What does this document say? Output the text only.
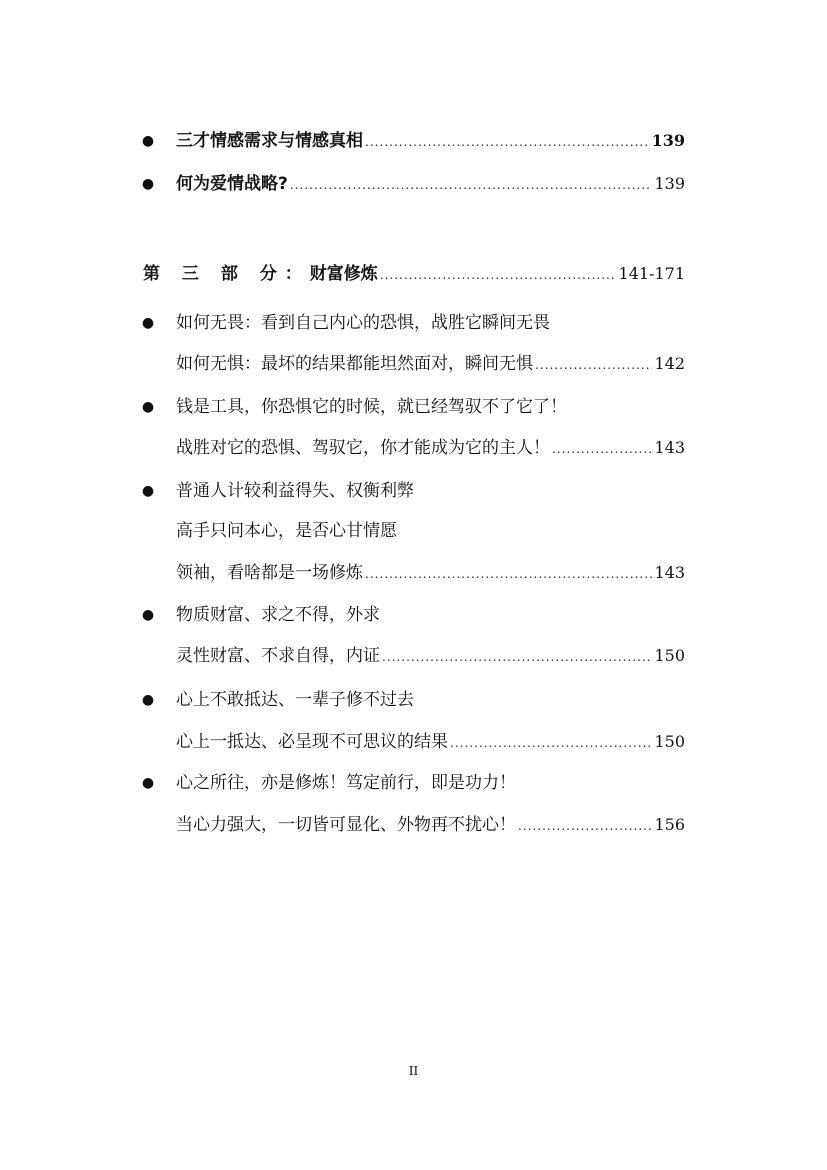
● 三才情感需求与情感真相 .....	139
● 何为爱情战略? .....	139
第 三 部 分： 财富修炼 .....	141-171
● 如何无畏：看到自己内心的恐惧，战胜它瞬间无畏
如何无惧：最坏的结果都能坦然面对，瞬间无惧 .....	142
● 钱是工具，你恐惧它的时候，就已经驾驭不了它了！
战胜对它的恐惧、驾驭它，你才能成为它的主人！ .....	143
● 普通人计较利益得失、权衡利弊
高手只问本心，是否心甘情愿
领袖，看啥都是一场修炼 .....	143
● 物质财富、求之不得，外求
灵性财富、不求自得，内证 .....	150
● 心上不敢抵达、一辈子修不过去
心上一抵达、必呈现不可思议的结果 .....	150
● 心之所往，亦是修炼！笃定前行，即是功力！
当心力强大，一切皆可显化、外物再不扰心！ .....	156
II
